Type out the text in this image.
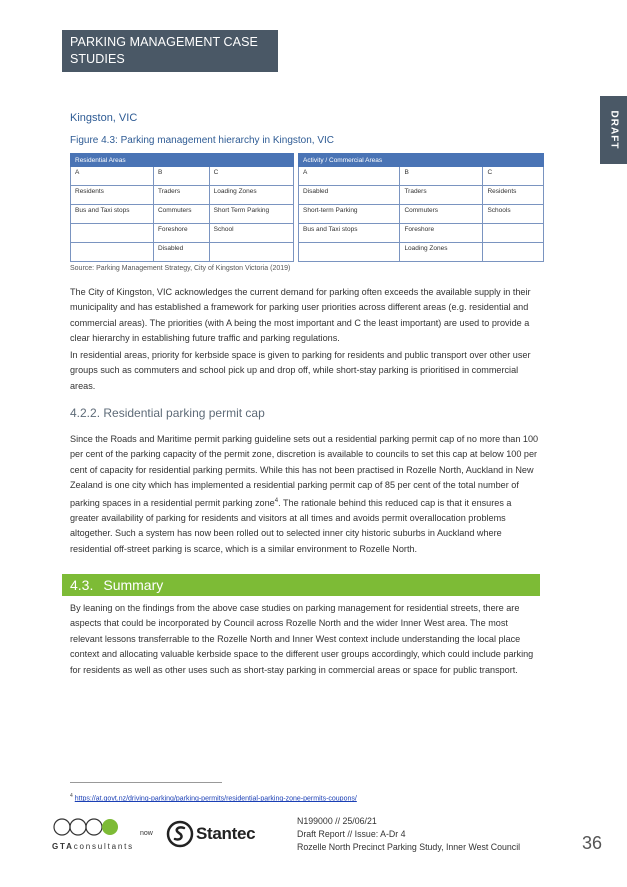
PARKING MANAGEMENT CASE
STUDIES
DRAFT
Kingston, VIC
Figure 4.3: Parking management hierarchy in Kingston, VIC
Residential Areas		
A	B	C
Residents	Traders	Loading Zones
Bus and Taxi stops	Commuters	Short Term Parking
	Foreshore	School
	Disabled	
Activity / Commercial Areas		
A	B	C
Disabled	Traders	Residents
Short-term Parking	Commuters	Schools
Bus and Taxi stops	Foreshore	
	Loading Zones	
Source: Parking Management Strategy, City of Kingston Victoria (2019)

The City of Kingston, VIC acknowledges the current demand for parking often exceeds the available supply in their municipality and has established a framework for parking user priorities across different areas (e.g. residential and commercial areas). The priorities (with A being the most important and C the least important) are used to provide a clear hierarchy in establishing future traffic and parking regulations.

In residential areas, priority for kerbside space is given to parking for residents and public transport over other user groups such as commuters and school pick up and drop off, while short-stay parking is prioritised in commercial areas.

4.2.2. Residential parking permit cap

Since the Roads and Maritime permit parking guideline sets out a residential parking permit cap of no more than 100 per cent of the parking capacity of the permit zone, discretion is available to councils to set this cap at below 100 per cent of capacity for residential parking permits. While this has not been practised in Rozelle North, Auckland in New Zealand is one city which has implemented a residential parking permit cap of 85 per cent of the total number of parking spaces in a residential permit parking zone$^4$. The rationale behind this reduced cap is that it ensures a greater availability of parking for residents and visitors at all times and avoids permit overallocation problems altogether. Such a system has now been rolled out to selected inner city historic suburbs in Auckland where residential off-street parking is scarce, which is a similar environment to Rozelle North.

4.3. Summary

By leaning on the findings from the above case studies on parking management for residential streets, there are aspects that could be incorporated by Council across Rozelle North and the wider Inner West area. The most relevant lessons transferrable to the Rozelle North and Inner West context include understanding the local place context and allocating valuable kerbside space to the different user groups accordingly, which could include parking for residents as well as other uses such as short-stay parking in commercial areas or space for public transport.

$^4$ https://at.govt.nz/driving-parking/parking-permits/residential-parking-zone-permits-coupons/
GTAconsultants
now	Stantec
N199000 // 25/06/21
Draft Report // Issue: A-Dr 4
Rozelle North Precinct Parking Study, Inner West Council	36
